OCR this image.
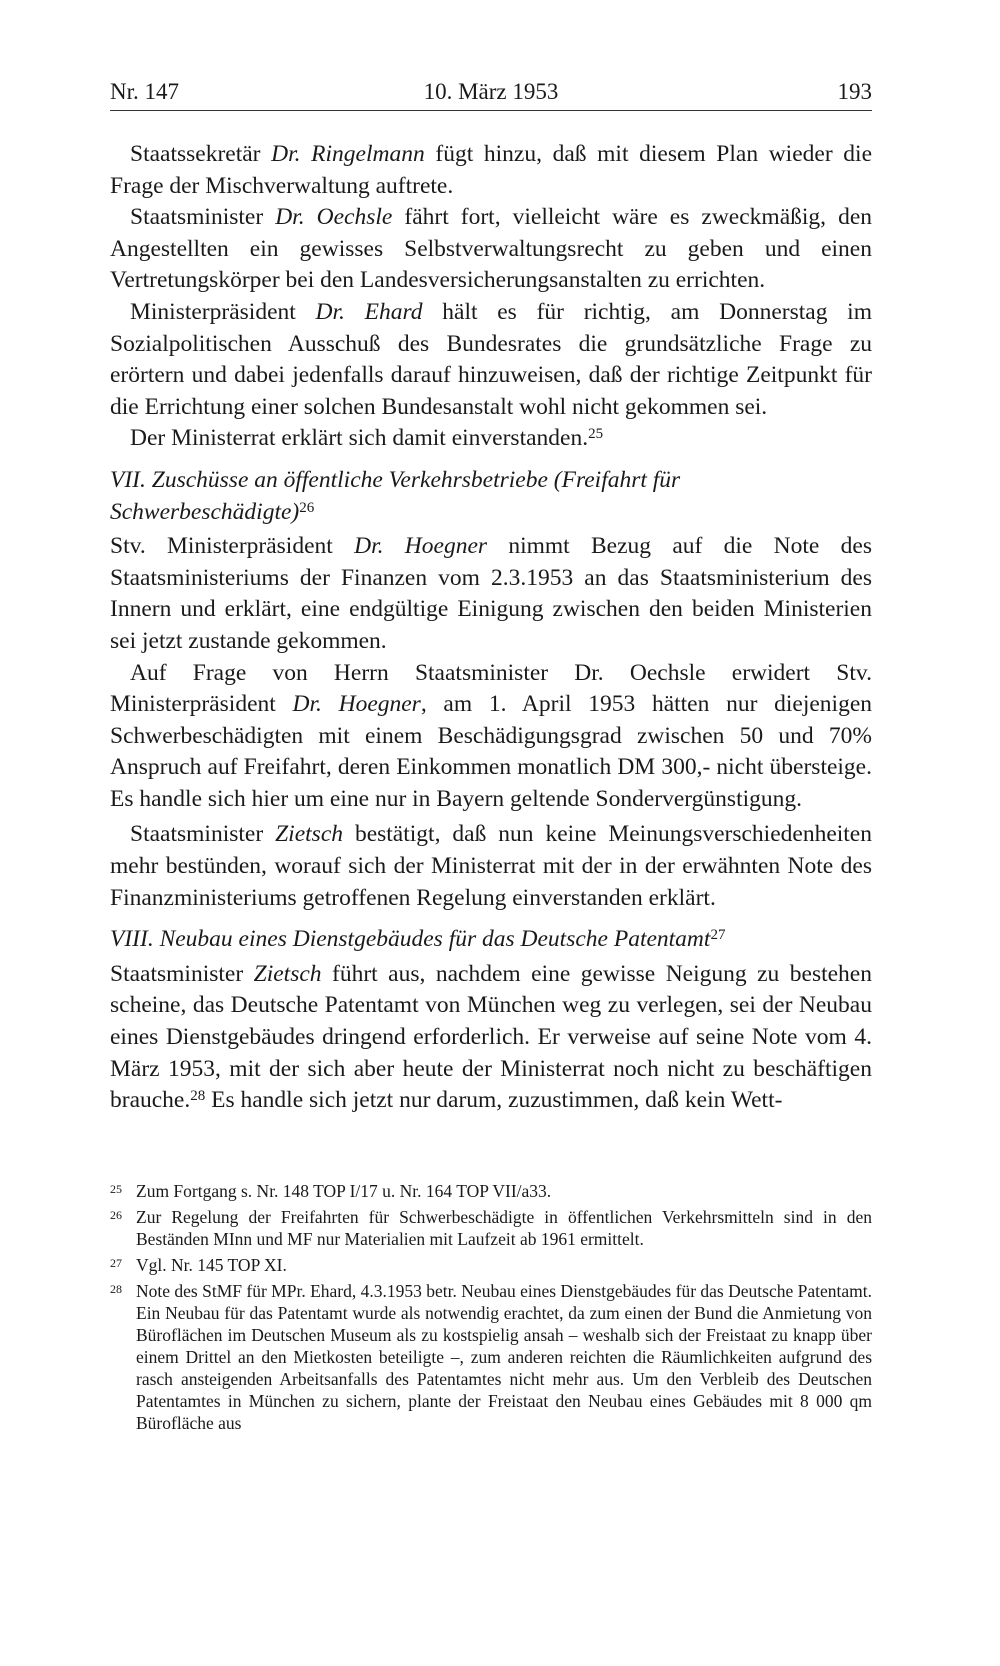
Nr. 147	10. März 1953	193

Staatssekretär Dr. Ringelmann fügt hinzu, daß mit diesem Plan wieder die Frage der Mischverwaltung auftrete.

Staatsminister Dr. Oechsle fährt fort, vielleicht wäre es zweckmäßig, den Angestellten ein gewisses Selbstverwaltungsrecht zu geben und einen Vertretungskörper bei den Landesversicherungsanstalten zu errichten.

Ministerpräsident Dr. Ehard hält es für richtig, am Donnerstag im Sozialpolitischen Ausschuß des Bundesrates die grundsätzliche Frage zu erörtern und dabei jedenfalls darauf hinzuweisen, daß der richtige Zeitpunkt für die Errichtung einer solchen Bundesanstalt wohl nicht gekommen sei.

Der Ministerrat erklärt sich damit einverstanden.$^{25}$

VII. Zuschüsse an öffentliche Verkehrsbetriebe (Freifahrt für Schwerbeschädigte)$^{26}$

Stv. Ministerpräsident Dr. Hoegner nimmt Bezug auf die Note des Staatsministeriums der Finanzen vom 2.3.1953 an das Staatsministerium des Innern und erklärt, eine endgültige Einigung zwischen den beiden Ministerien sei jetzt zustande gekommen.

Auf Frage von Herrn Staatsminister Dr. Oechsle erwidert Stv. Ministerpräsident Dr. Hoegner, am 1. April 1953 hätten nur diejenigen Schwerbeschädigten mit einem Beschädigungsgrad zwischen 50 und 70% Anspruch auf Freifahrt, deren Einkommen monatlich DM 300,- nicht übersteige. Es handle sich hier um eine nur in Bayern geltende Sondervergünstigung.

Staatsminister Zietsch bestätigt, daß nun keine Meinungsverschiedenheiten mehr bestünden, worauf sich der Ministerrat mit der in der erwähnten Note des Finanzministeriums getroffenen Regelung einverstanden erklärt.

VIII. Neubau eines Dienstgebäudes für das Deutsche Patentamt$^{27}$

Staatsminister Zietsch führt aus, nachdem eine gewisse Neigung zu bestehen scheine, das Deutsche Patentamt von München weg zu verlegen, sei der Neubau eines Dienstgebäudes dringend erforderlich. Er verweise auf seine Note vom 4. März 1953, mit der sich aber heute der Ministerrat noch nicht zu beschäftigen brauche.$^{28}$ Es handle sich jetzt nur darum, zuzustimmen, daß kein Wett-

25 Zum Fortgang s. Nr. 148 TOP I/17 u. Nr. 164 TOP VII/a33.
26 Zur Regelung der Freifahrten für Schwerbeschädigte in öffentlichen Verkehrsmitteln sind in den Beständen MInn und MF nur Materialien mit Laufzeit ab 1961 ermittelt.
27 Vgl. Nr. 145 TOP XI.
28 Note des StMF für MPr. Ehard, 4.3.1953 betr. Neubau eines Dienstgebäudes für das Deutsche Patentamt. Ein Neubau für das Patentamt wurde als notwendig erachtet, da zum einen der Bund die Anmietung von Büroflächen im Deutschen Museum als zu kostspielig ansah – weshalb sich der Freistaat zu knapp über einem Drittel an den Mietkosten beteiligte –, zum anderen reichten die Räumlichkeiten aufgrund des rasch ansteigenden Arbeitsanfalls des Patentamtes nicht mehr aus. Um den Verbleib des Deutschen Patentamtes in München zu sichern, plante der Freistaat den Neubau eines Gebäudes mit 8 000 qm Bürofläche aus
